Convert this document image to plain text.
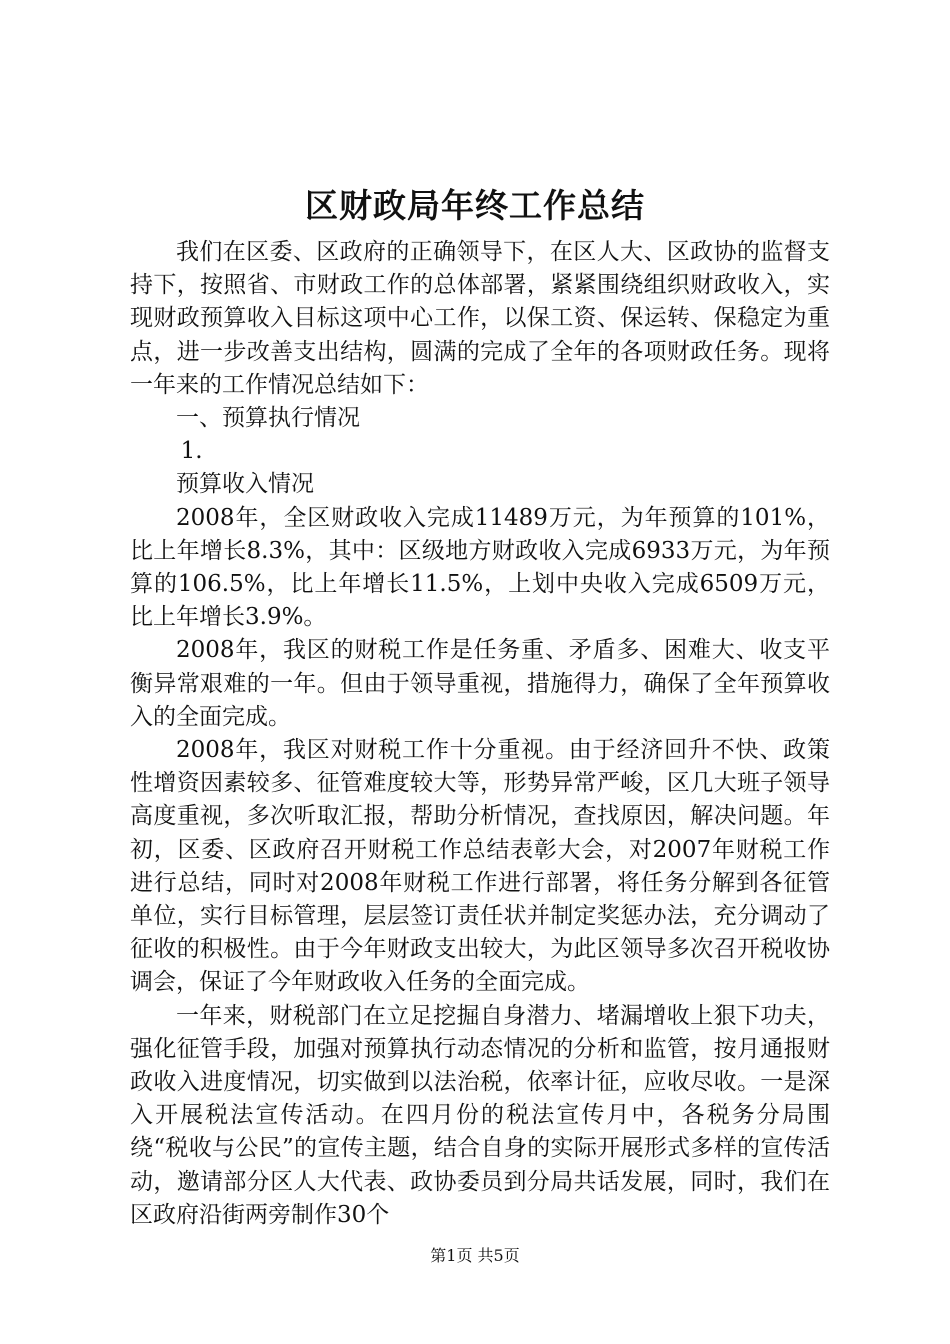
区财政局年终工作总结

我们在区委、区政府的正确领导下，在区人大、区政协的监督支持下，按照省、市财政工作的总体部署，紧紧围绕组织财政收入，实现财政预算收入目标这项中心工作，以保工资、保运转、保稳定为重点，进一步改善支出结构，圆满的完成了全年的各项财政任务。现将一年来的工作情况总结如下：

一、预算执行情况

1.

预算收入情况

2008年，全区财政收入完成11489万元，为年预算的101%，比上年增长8.3%，其中：区级地方财政收入完成6933万元，为年预算的106.5%，比上年增长11.5%，上划中央收入完成6509万元，比上年增长3.9%。

2008年，我区的财税工作是任务重、矛盾多、困难大、收支平衡异常艰难的一年。但由于领导重视，措施得力，确保了全年预算收入的全面完成。

2008年，我区对财税工作十分重视。由于经济回升不快、政策性增资因素较多、征管难度较大等，形势异常严峻，区几大班子领导高度重视，多次听取汇报，帮助分析情况，查找原因，解决问题。年初，区委、区政府召开财税工作总结表彰大会，对2007年财税工作进行总结，同时对2008年财税工作进行部署，将任务分解到各征管单位，实行目标管理，层层签订责任状并制定奖惩办法，充分调动了征收的积极性。由于今年财政支出较大，为此区领导多次召开税收协调会，保证了今年财政收入任务的全面完成。

一年来，财税部门在立足挖掘自身潜力、堵漏增收上狠下功夫，强化征管手段，加强对预算执行动态情况的分析和监管，按月通报财政收入进度情况，切实做到以法治税，依率计征，应收尽收。一是深入开展税法宣传活动。在四月份的税法宣传月中，各税务分局围绕“税收与公民”的宣传主题，结合自身的实际开展形式多样的宣传活动，邀请部分区人大代表、政协委员到分局共话发展，同时，我们在区政府沿街两旁制作30个

第1页 共5页
